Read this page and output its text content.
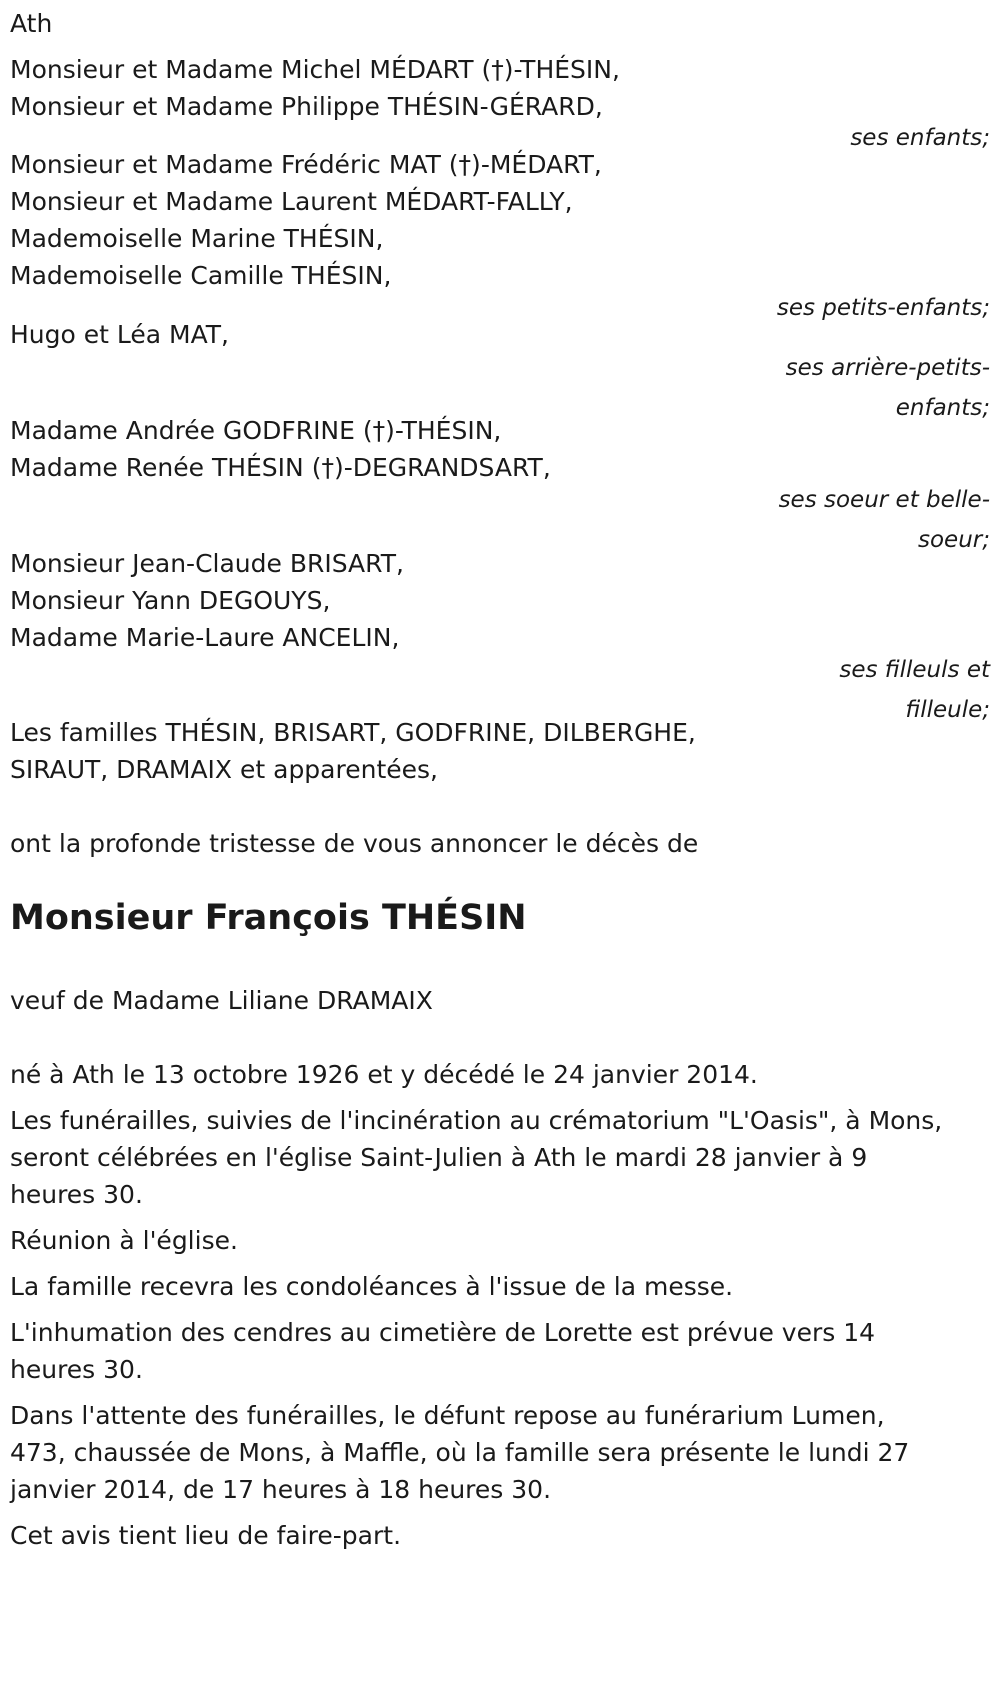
Ath
Monsieur et Madame Michel MÉDART (†)-THÉSIN,
Monsieur et Madame Philippe THÉSIN-GÉRARD,
ses enfants;
Monsieur et Madame Frédéric MAT (†)-MÉDART,
Monsieur et Madame Laurent MÉDART-FALLY,
Mademoiselle Marine THÉSIN,
Mademoiselle Camille THÉSIN,
ses petits-enfants;
Hugo et Léa MAT,
ses arrière-petits-enfants;
Madame Andrée GODFRINE (†)-THÉSIN,
Madame Renée THÉSIN (†)-DEGRANDSART,
ses soeur et belle-soeur;
Monsieur Jean-Claude BRISART,
Monsieur Yann DEGOUYS,
Madame Marie-Laure ANCELIN,
ses filleuls et filleule;
Les familles THÉSIN, BRISART, GODFRINE, DILBERGHE,
SIRAUT, DRAMAIX et apparentées,
ont la profonde tristesse de vous annoncer le décès de
Monsieur François THÉSIN
veuf de Madame Liliane DRAMAIX
né à Ath le 13 octobre 1926 et y décédé le 24 janvier 2014.
Les funérailles, suivies de l'incinération au crématorium "L'Oasis", à Mons,
seront célébrées en l'église Saint-Julien à Ath le mardi 28 janvier à 9
heures 30.
Réunion à l'église.
La famille recevra les condoléances à l'issue de la messe.
L'inhumation des cendres au cimetière de Lorette est prévue vers 14
heures 30.
Dans l'attente des funérailles, le défunt repose au funérarium Lumen,
473, chaussée de Mons, à Maffle, où la famille sera présente le lundi 27
janvier 2014, de 17 heures à 18 heures 30.
Cet avis tient lieu de faire-part.
